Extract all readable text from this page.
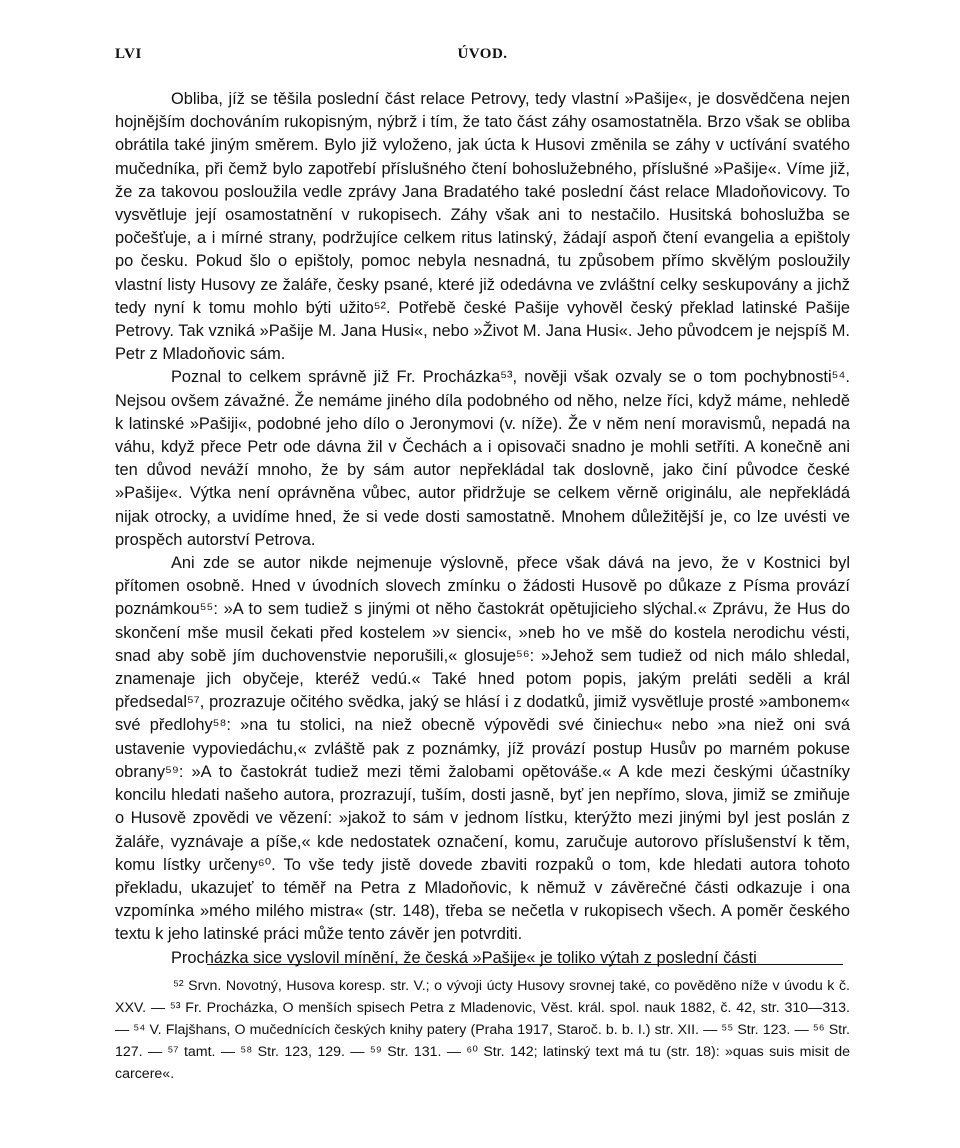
LVI	ÚVOD.

Obliba, jíž se těšila poslední část relace Petrovy, tedy vlastní »Pašije«, je dosvědčena nejen hojnějším dochováním rukopisným, nýbrž i tím, že tato část záhy osamostatněla. Brzo však se obliba obrátila také jiným směrem. Bylo již vyloženo, jak úcta k Husovi změnila se záhy v uctívání svatého mučedníka, při čemž bylo zapotřebí příslušného čtení bohoslužebného, příslušné »Pašije«. Víme již, že za takovou posloužila vedle zprávy Jana Bradatého také poslední část relace Mladoňovicovy. To vysvětluje její osamostatnění v rukopisech. Záhy však ani to nestačilo. Husitská bohoslužba se počešťuje, a i mírné strany, podržujíce celkem ritus latinský, žádají aspoň čtení evangelia a epištoly po česku. Pokud šlo o epištoly, pomoc nebyla nesnadná, tu způsobem přímo skvělým posloužily vlastní listy Husovy ze žaláře, česky psané, které již odedávna ve zvláštní celky seskupovány a jichž tedy nyní k tomu mohlo býti užito⁵². Potřebě české Pašije vyhověl český překlad latinské Pašije Petrovy. Tak vzniká »Pašije M. Jana Husi«, nebo »Život M. Jana Husi«. Jeho původcem je nejspíš M. Petr z Mladoňovic sám.

Poznal to celkem správně již Fr. Procházka⁵³, nověji však ozvaly se o tom pochybnosti⁵⁴. Nejsou ovšem závažné. Že nemáme jiného díla podobného od něho, nelze říci, když máme, nehledě k latinské »Pašiji«, podobné jeho dílo o Jeronymovi (v. níže). Že v něm není moravismů, nepadá na váhu, když přece Petr ode dávna žil v Čechách a i opisovači snadno je mohli setříti. A konečně ani ten důvod neváží mnoho, že by sám autor nepřekládal tak doslovně, jako činí původce české »Pašije«. Výtka není oprávněna vůbec, autor přidržuje se celkem věrně originálu, ale nepřekládá nijak otrocky, a uvidíme hned, že si vede dosti samostatně. Mnohem důležitější je, co lze uvésti ve prospěch autorství Petrova.

Ani zde se autor nikde nejmenuje výslovně, přece však dává na jevo, že v Kostnici byl přítomen osobně. Hned v úvodních slovech zmínku o žádosti Husově po důkaze z Písma provází poznámkou⁵⁵: »A to sem tudiež s jinými ot něho častokrát opětujicieho slýchal.« Zprávu, že Hus do skončení mše musil čekati před kostelem »v sienci«, »neb ho ve mšě do kostela nerodichu vésti, snad aby sobě jím duchovenstvie neporušili,« glosuje⁵⁶: »Jehož sem tudiež od nich málo shledal, znamenaje jich obyčeje, kteréž vedú.« Také hned potom popis, jakým preláti seděli a král předsedal⁵⁷, prozrazuje očitého svědka, jaký se hlásí i z dodatků, jimiž vysvětluje prosté »ambonem« své předlohy⁵⁸: »na tu stolici, na niež obecně výpovědi své činiechu« nebo »na niež oni svá ustavenie vypoviedáchu,« zvláště pak z poznámky, jíž provází postup Husův po marném pokuse obrany⁵⁹: »A to častokrát tudiež mezi těmi žalobami opětováše.« A kde mezi českými účastníky koncilu hledati našeho autora, prozrazují, tuším, dosti jasně, byť jen nepřímo, slova, jimiž se zmiňuje o Husově zpovědi ve vězení: »jakož to sám v jednom lístku, kterýžto mezi jinými byl jest poslán z žaláře, vyznávaje a píše,« kde nedostatek označení, komu, zaručuje autorovo příslušenství k těm, komu lístky určeny⁶⁰. To vše tedy jistě dovede zbaviti rozpaků o tom, kde hledati autora tohoto překladu, ukazujeť to téměř na Petra z Mladoňovic, k němuž v závěrečné části odkazuje i ona vzpomínka »mého milého mistra« (str. 148), třeba se nečetla v rukopisech všech. A poměr českého textu k jeho latinské práci může tento závěr jen potvrditi.

Procházka sice vyslovil mínění, že česká »Pašije« je toliko výtah z poslední části

⁵² Srvn. Novotný, Husova koresp. str. V.; o vývoji úcty Husovy srovnej také, co pověděno níže v úvodu k č. XXV. — ⁵³ Fr. Procházka, O menších spisech Petra z Mladenovic, Věst. král. spol. nauk 1882, č. 42, str. 310—313. — ⁵⁴ V. Flajšhans, O mučednících českých knihy patery (Praha 1917, Staroč. b. b. I.) str. XII. — ⁵⁵ Str. 123. — ⁵⁶ Str. 127. — ⁵⁷ tamt. — ⁵⁸ Str. 123, 129. — ⁵⁹ Str. 131. — ⁶⁰ Str. 142; latinský text má tu (str. 18): »quas suis misit de carcere«.
